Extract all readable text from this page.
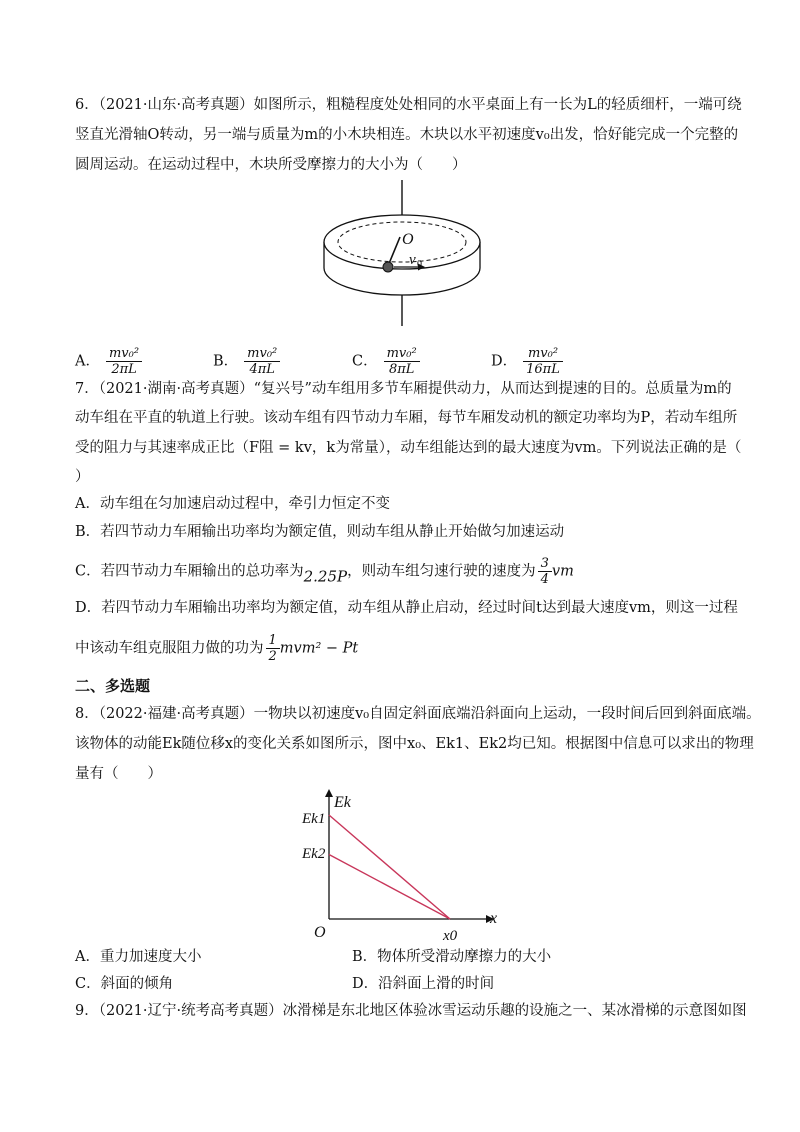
6．（2021·山东·高考真题）如图所示，粗糙程度处处相同的水平桌面上有一长为L的轻质细杆，一端可绕
竖直光滑轴O转动，另一端与质量为m的小木块相连。木块以水平初速度v₀出发，恰好能完成一个完整的
圆周运动。在运动过程中，木块所受摩擦力的大小为（　　）
O
v 0
A． $\frac{\text{mv₀²}}{2\pi L}$	B． $\frac{\text{mv₀²}}{4\pi L}$	C． $\frac{\text{mv₀²}}{8\pi L}$	D． $\frac{\text{mv₀²}}{16\pi L}$
7．（2021·湖南·高考真题）“复兴号”动车组用多节车厢提供动力，从而达到提速的目的。总质量为m的
动车组在平直的轨道上行驶。该动车组有四节动力车厢，每节车厢发动机的额定功率均为P，若动车组所
受的阻力与其速率成正比（F阻 = kv，k为常量），动车组能达到的最大速度为vm。下列说法正确的是（
）
A．动车组在匀加速启动过程中，牵引力恒定不变
B．若四节动力车厢输出功率均为额定值，则动车组从静止开始做匀加速运动
C．若四节动力车厢输出的总功率为2.25P，则动车组匀速行驶的速度为 $\frac{3}{4}$ vm
D．若四节动力车厢输出功率均为额定值，动车组从静止启动，经过时间t达到最大速度vm，则这一过程
中该动车组克服阻力做的功为 $\frac{1}{2} mvm^2 - Pt$
二、多选题
8．（2022·福建·高考真题）一物块以初速度v₀自固定斜面底端沿斜面向上运动，一段时间后回到斜面底端。
该物体的动能Ek随位移x的变化关系如图所示，图中x₀、Ek1、Ek2均已知。根据图中信息可以求出的物理
量有（　　）
Ek
x
O
Ek1
Ek2
x0
A．重力加速度大小	B．物体所受滑动摩擦力的大小
C．斜面的倾角	D．沿斜面上滑的时间
9．（2021·辽宁·统考高考真题）冰滑梯是东北地区体验冰雪运动乐趣的设施之一、某冰滑梯的示意图如图
